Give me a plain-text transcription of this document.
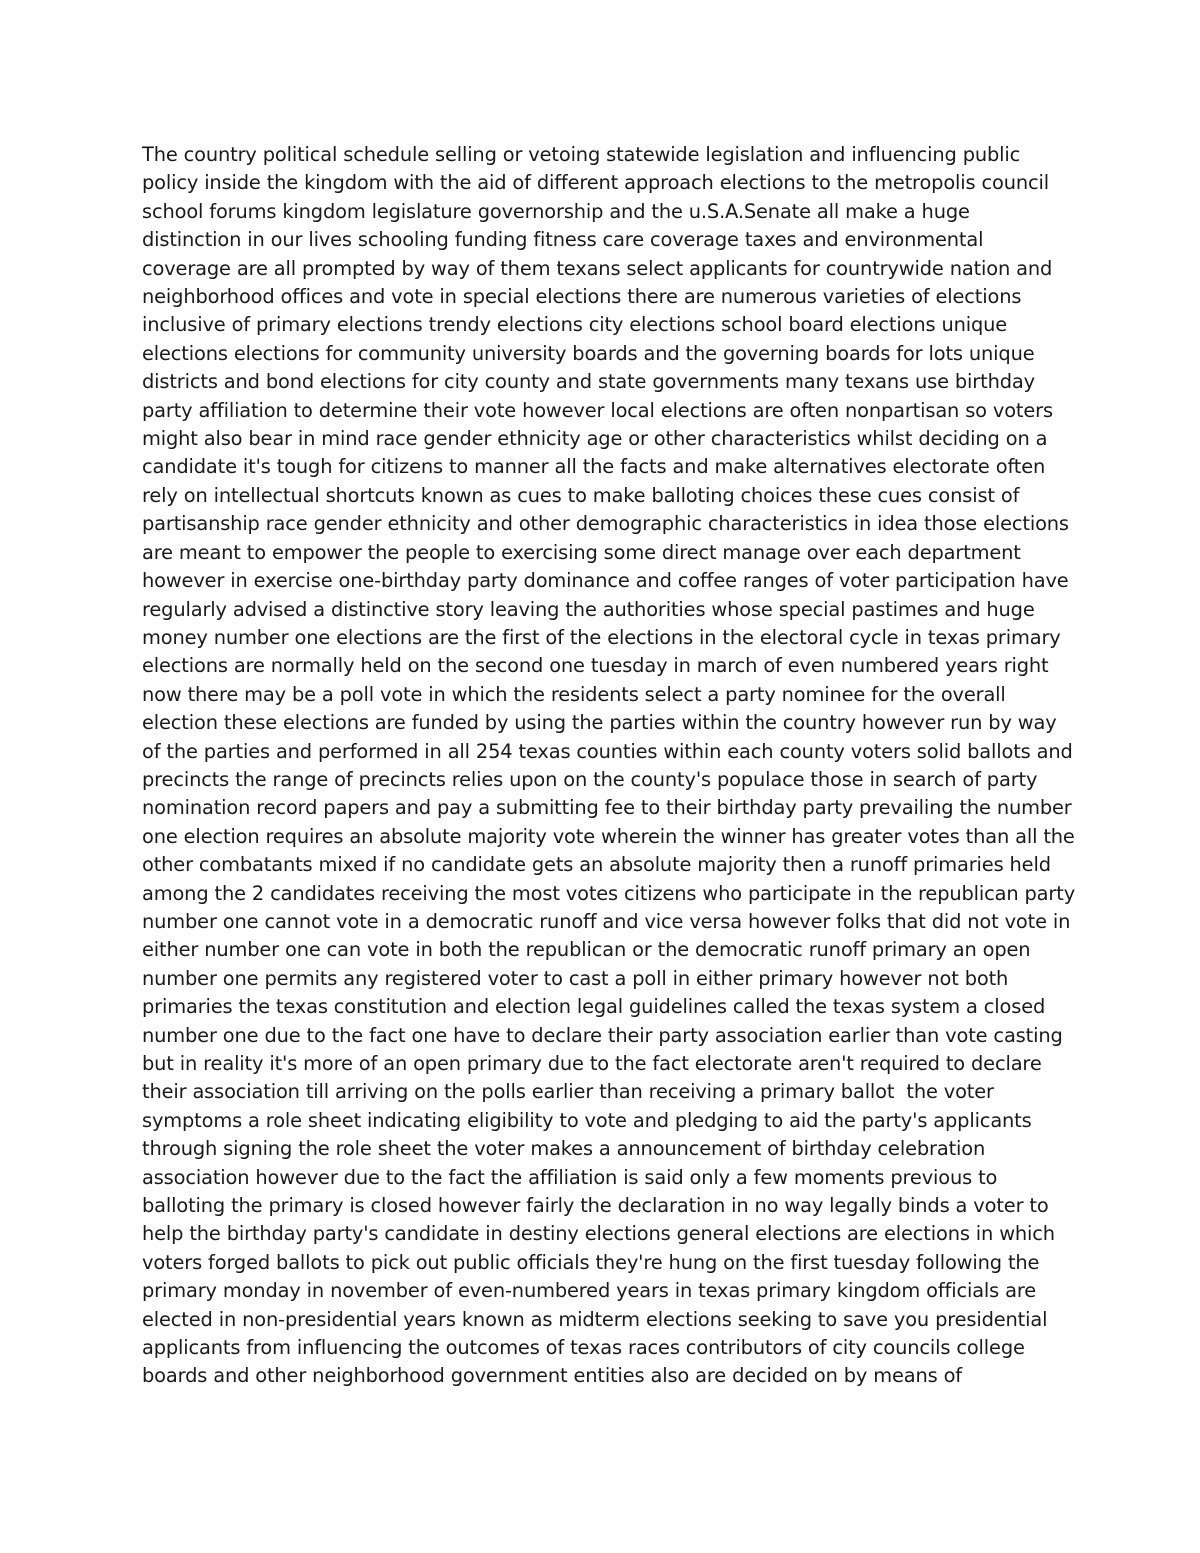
The country political schedule selling or vetoing statewide legislation and influencing public
policy inside the kingdom with the aid of different approach elections to the metropolis council
school forums kingdom legislature governorship and the u.S.A.Senate all make a huge
distinction in our lives schooling funding fitness care coverage taxes and environmental
coverage are all prompted by way of them texans select applicants for countrywide nation and
neighborhood offices and vote in special elections there are numerous varieties of elections
inclusive of primary elections trendy elections city elections school board elections unique
elections elections for community university boards and the governing boards for lots unique
districts and bond elections for city county and state governments many texans use birthday
party affiliation to determine their vote however local elections are often nonpartisan so voters
might also bear in mind race gender ethnicity age or other characteristics whilst deciding on a
candidate it's tough for citizens to manner all the facts and make alternatives electorate often
rely on intellectual shortcuts known as cues to make balloting choices these cues consist of
partisanship race gender ethnicity and other demographic characteristics in idea those elections
are meant to empower the people to exercising some direct manage over each department
however in exercise one-birthday party dominance and coffee ranges of voter participation have
regularly advised a distinctive story leaving the authorities whose special pastimes and huge
money number one elections are the first of the elections in the electoral cycle in texas primary
elections are normally held on the second one tuesday in march of even numbered years right
now there may be a poll vote in which the residents select a party nominee for the overall
election these elections are funded by using the parties within the country however run by way
of the parties and performed in all 254 texas counties within each county voters solid ballots and
precincts the range of precincts relies upon on the county's populace those in search of party
nomination record papers and pay a submitting fee to their birthday party prevailing the number
one election requires an absolute majority vote wherein the winner has greater votes than all the
other combatants mixed if no candidate gets an absolute majority then a runoff primaries held
among the 2 candidates receiving the most votes citizens who participate in the republican party
number one cannot vote in a democratic runoff and vice versa however folks that did not vote in
either number one can vote in both the republican or the democratic runoff primary an open
number one permits any registered voter to cast a poll in either primary however not both
primaries the texas constitution and election legal guidelines called the texas system a closed
number one due to the fact one have to declare their party association earlier than vote casting
but in reality it's more of an open primary due to the fact electorate aren't required to declare
their association till arriving on the polls earlier than receiving a primary ballot  the voter
symptoms a role sheet indicating eligibility to vote and pledging to aid the party's applicants
through signing the role sheet the voter makes a announcement of birthday celebration
association however due to the fact the affiliation is said only a few moments previous to
balloting the primary is closed however fairly the declaration in no way legally binds a voter to
help the birthday party's candidate in destiny elections general elections are elections in which
voters forged ballots to pick out public officials they're hung on the first tuesday following the
primary monday in november of even-numbered years in texas primary kingdom officials are
elected in non-presidential years known as midterm elections seeking to save you presidential
applicants from influencing the outcomes of texas races contributors of city councils college
boards and other neighborhood government entities also are decided on by means of
